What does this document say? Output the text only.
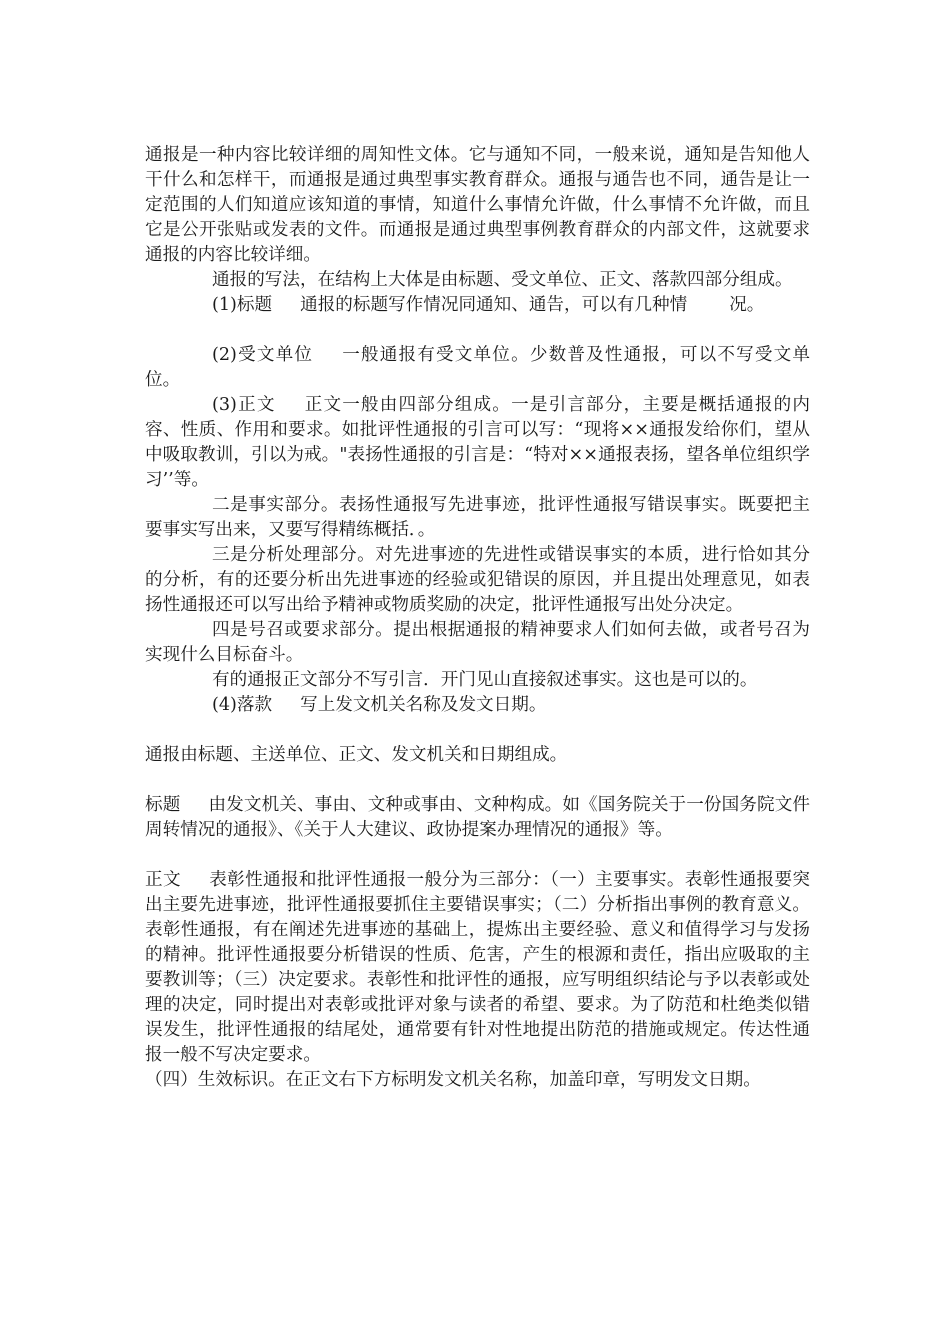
通报是一种内容比较详细的周知性文体。它与通知不同，一般来说，通知是告知他人干什么和怎样干，而通报是通过典型事实教育群众。通报与通告也不同，通告是让一定范围的人们知道应该知道的事情，知道什么事情允许做，什么事情不允许做，而且它是公开张贴或发表的文件。而通报是通过典型事例教育群众的内部文件，这就要求通报的内容比较详细。

通报的写法，在结构上大体是由标题、受文单位、正文、落款四部分组成。

(1)标题 通报的标题写作情况同通知、通告，可以有几种情 况。

(2)受文单位 一般通报有受文单位。少数普及性通报，可以不写受文单位。

(3)正文 正文一般由四部分组成。一是引言部分，主要是概括通报的内容、性质、作用和要求。如批评性通报的引言可以写：“现将××通报发给你们，望从中吸取教训，引以为戒。"表扬性通报的引言是：“特对××通报表扬，望各单位组织学习’’等。

二是事实部分。表扬性通报写先进事迹，批评性通报写错误事实。既要把主要事实写出来，又要写得精练概括．。

三是分析处理部分。对先进事迹的先进性或错误事实的本质，进行恰如其分的分析，有的还要分析出先进事迹的经验或犯错误的原因，并且提出处理意见，如表扬性通报还可以写出给予精神或物质奖励的决定，批评性通报写出处分决定。

四是号召或要求部分。提出根据通报的精神要求人们如何去做，或者号召为实现什么目标奋斗。

有的通报正文部分不写引言．开门见山直接叙述事实。这也是可以的。

(4)落款 写上发文机关名称及发文日期。

通报由标题、主送单位、正文、发文机关和日期组成。

标题 由发文机关、事由、文种或事由、文种构成。如《国务院关于一份国务院文件周转情况的通报》、《关于人大建议、政协提案办理情况的通报》等。

正文 表彰性通报和批评性通报一般分为三部分：（一）主要事实。表彰性通报要突出主要先进事迹，批评性通报要抓住主要错误事实；（二）分析指出事例的教育意义。表彰性通报，有在阐述先进事迹的基础上，提炼出主要经验、意义和值得学习与发扬的精神。批评性通报要分析错误的性质、危害，产生的根源和责任，指出应吸取的主要教训等；（三）决定要求。表彰性和批评性的通报，应写明组织结论与予以表彰或处理的决定，同时提出对表彰或批评对象与读者的希望、要求。为了防范和杜绝类似错误发生，批评性通报的结尾处，通常要有针对性地提出防范的措施或规定。传达性通报一般不写决定要求。

（四）生效标识。在正文右下方标明发文机关名称，加盖印章，写明发文日期。
